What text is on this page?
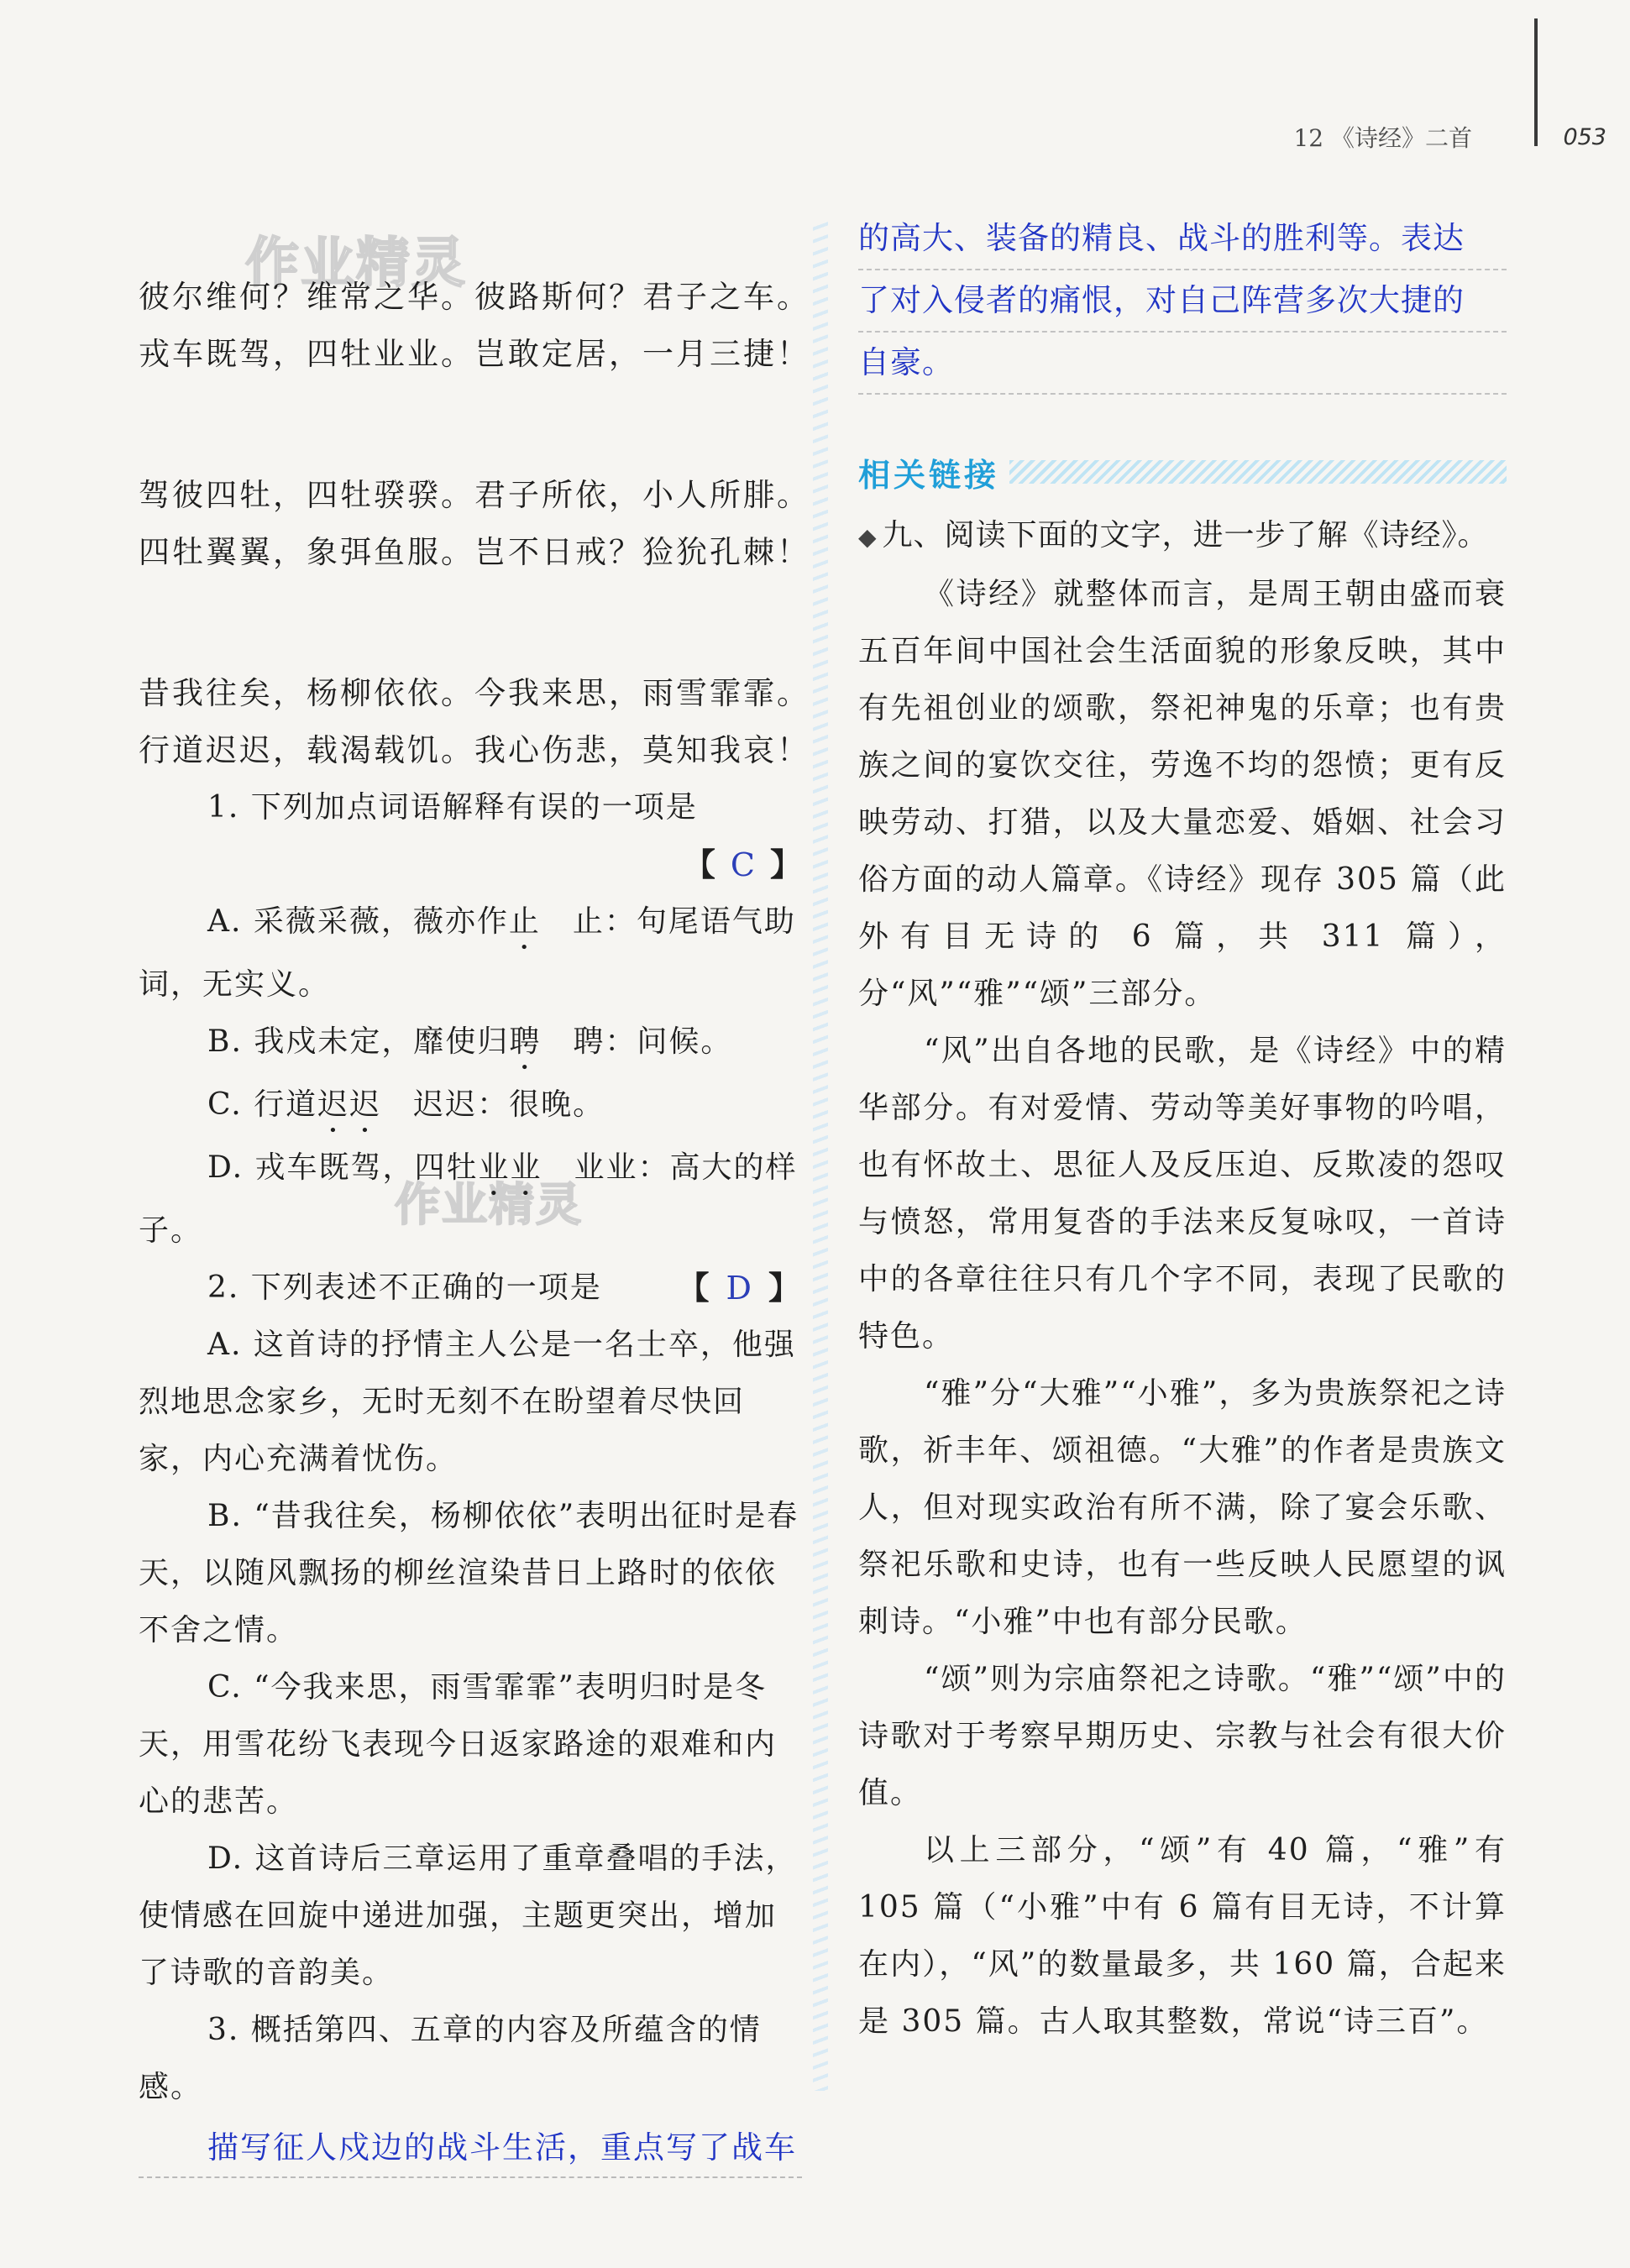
12 《诗经》二首	053
作业精灵
作业精灵
彼尔维何？维常之华。彼路斯何？君子之车。
戎车既驾，四牡业业。岂敢定居，一月三捷！
驾彼四牡，四牡骙骙。君子所依，小人所腓。
四牡翼翼，象弭鱼服。岂不日戒？猃狁孔棘！
昔我往矣，杨柳依依。今我来思，雨雪霏霏。
行道迟迟，载渴载饥。我心伤悲，莫知我哀！
1. 下列加点词语解释有误的一项是
【 C 】
A. 采薇采薇，薇亦作止　止：句尾语气助词，无实义。
B. 我戍未定，靡使归聘　聘：问候。
C. 行道迟迟　迟迟：很晚。
D. 戎车既驾，四牡业业　业业：高大的样子。
2. 下列表述不正确的一项是 【 D 】
A. 这首诗的抒情主人公是一名士卒，他强烈地思念家乡，无时无刻不在盼望着尽快回家，内心充满着忧伤。
B. “昔我往矣，杨柳依依”表明出征时是春天，以随风飘扬的柳丝渲染昔日上路时的依依不舍之情。
C. “今我来思，雨雪霏霏”表明归时是冬天，用雪花纷飞表现今日返家路途的艰难和内心的悲苦。
D. 这首诗后三章运用了重章叠唱的手法，使情感在回旋中递进加强，主题更突出，增加了诗歌的音韵美。
3. 概括第四、五章的内容及所蕴含的情感。
描写征人戍边的战斗生活，重点写了战车
的高大、装备的精良、战斗的胜利等。表达
了对入侵者的痛恨，对自己阵营多次大捷的
自豪。
相关链接
◆ 九、阅读下面的文字，进一步了解《诗经》。
《诗经》就整体而言，是周王朝由盛而衰五百年间中国社会生活面貌的形象反映，其中有先祖创业的颂歌，祭祀神鬼的乐章；也有贵族之间的宴饮交往，劳逸不均的怨愤；更有反映劳动、打猎，以及大量恋爱、婚姻、社会习俗方面的动人篇章。《诗经》现存 305 篇（此外有目无诗的 6 篇，共 311 篇），分“风”“雅”“颂”三部分。
“风”出自各地的民歌，是《诗经》中的精华部分。有对爱情、劳动等美好事物的吟唱，也有怀故土、思征人及反压迫、反欺凌的怨叹与愤怒，常用复沓的手法来反复咏叹，一首诗中的各章往往只有几个字不同，表现了民歌的特色。
“雅”分“大雅”“小雅”，多为贵族祭祀之诗歌，祈丰年、颂祖德。“大雅”的作者是贵族文人，但对现实政治有所不满，除了宴会乐歌、祭祀乐歌和史诗，也有一些反映人民愿望的讽刺诗。“小雅”中也有部分民歌。
“颂”则为宗庙祭祀之诗歌。“雅”“颂”中的诗歌对于考察早期历史、宗教与社会有很大价值。
以上三部分，“颂”有 40 篇，“雅”有 105 篇（“小雅”中有 6 篇有目无诗，不计算在内），“风”的数量最多，共 160 篇，合起来是 305 篇。古人取其整数，常说“诗三百”。
